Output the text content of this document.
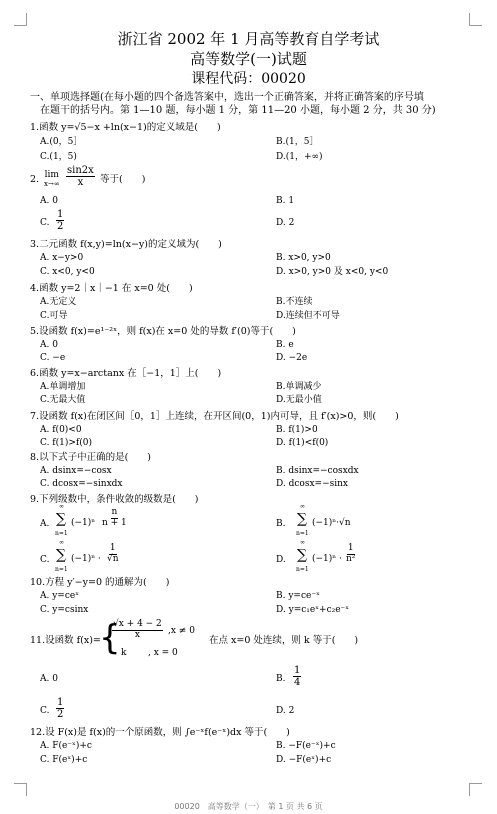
浙江省 2002 年 1 月高等教育自学考试
高等数学(一)试题
课程代码：00020
一、单项选择题(在每小题的四个备选答案中，选出一个正确答案，并将正确答案的序号填
在题干的括号内。第 1—10 题，每小题 1 分，第 11—20 小题，每小题 2 分，共 30 分)
1.函数 y=√5−x +ln(x−1)的定义域是(　　)
A.(0，5］	B.(1，5］
C.(1，5)	D.(1，+∞)
2. lim
$x\to\infty \frac{\sin 2x}{x}$ 等于(　　)
A. 0	B. 1
C. $\frac{1}{2}$	D. 2
3.二元函数 f(x,y)=ln(x−y)的定义域为(　　)
A. x−y>0	B. x>0, y>0
C. x<0, y<0	D. x>0, y>0 及 x<0, y<0
4.函数 y=2｜x｜−1 在 x=0 处(　　)
A.无定义	B.不连续
C.可导	D.连续但不可导
5.设函数 f(x)=e¹⁻²ˣ，则 f(x)在 x=0 处的导数 f′(0)等于(　　)
A. 0	B. e
C. −e	D. −2e
6.函数 y=x−arctanx 在［−1，1］上(　　)
A.单调增加	B.单调减少
C.无最大值	D.无最小值
7.设函数 f(x)在闭区间［0，1］上连续，在开区间(0，1)内可导，且 f′(x)>0，则(　　)
A. f(0)<0	B. f(1)>0
C. f(1)>f(0)	D. f(1)<f(0)
8.以下式子中正确的是(　　)
A. dsinx=−cosx	B. dsinx=−cosxdx
C. dcosx=−sinxdx	D. dcosx=−sinx
9.下列级数中，条件收敛的级数是(　　)
A.
∞
∑
n=1
$(-1)^n \frac{n}{n + 1}$	B.
∞
∑
n=1
(−1)ⁿ·√n
C.
∞
∑
n=1
$(-1)^n \cdot \frac{1}{√n}$	D.
∞
∑
n=1
$(-1)^n \cdot \frac{1}{\text{n²}}$
10.方程 y′−y=0 的通解为(　　)
A. y=ceˣ	B. y=ce⁻ˣ
C. y=csinx	D. y=c₁eˣ+c₂e⁻ˣ
11.设函数 f(x)=
{
$\frac{√x + 4 - 2}{x} ,x \ne 0$
k , x = 0
在点 x=0 处连续，则 k 等于(　　)
A. 0	B. $\frac{1}{4}$
C. $\frac{1}{2}$	D. 2
12.设 F(x)是 f(x)的一个原函数，则 ∫e⁻ˣf(e⁻ˣ)dx 等于(　　)
A. F(e⁻ˣ)+c	B. −F(e⁻ˣ)+c
C. F(eˣ)+c	D. −F(eˣ)+c
00020　高等数学（一）　第 1 页 共 6 页
